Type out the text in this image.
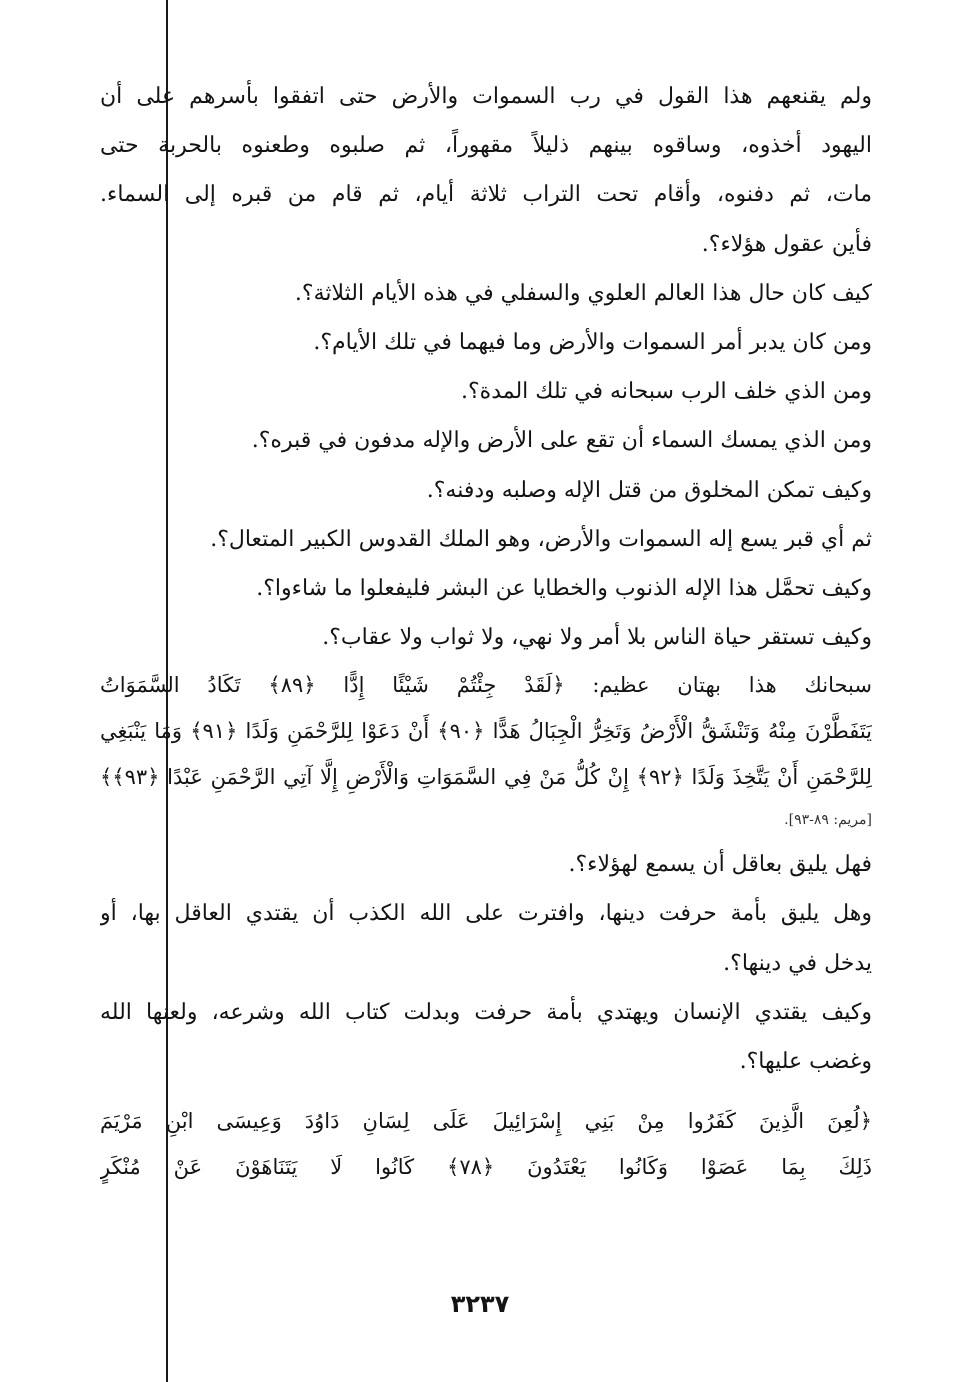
ولم يقنعهم هذا القول في رب السموات والأرض حتى اتفقوا بأسرهم على أن
اليهود أخذوه، وساقوه بينهم ذليلاً مقهوراً، ثم صلبوه وطعنوه بالحربة حتى
مات، ثم دفنوه، وأقام تحت التراب ثلاثة أيام، ثم قام من قبره إلى السماء.
فأين عقول هؤلاء؟.
كيف كان حال هذا العالم العلوي والسفلي في هذه الأيام الثلاثة؟.
ومن كان يدبر أمر السموات والأرض وما فيهما في تلك الأيام؟.
ومن الذي خلف الرب سبحانه في تلك المدة؟.
ومن الذي يمسك السماء أن تقع على الأرض والإله مدفون في قبره؟.
وكيف تمكن المخلوق من قتل الإله وصلبه ودفنه؟.
ثم أي قبر يسع إله السموات والأرض، وهو الملك القدوس الكبير المتعال؟.
وكيف تحمَّل هذا الإله الذنوب والخطايا عن البشر فليفعلوا ما شاءوا؟.
وكيف تستقر حياة الناس بلا أمر ولا نهي، ولا ثواب ولا عقاب؟.
سبحانك هذا بهتان عظيم: ﴿لَقَدْ جِئْتُمْ شَيْئًا إِدًّا ﴿٨٩﴾ تَكَادُ السَّمَوَاتُ
يَتَفَطَّرْنَ مِنْهُ وَتَنْشَقُّ الْأَرْضُ وَتَخِرُّ الْجِبَالُ هَدًّا ﴿٩٠﴾ أَنْ دَعَوْا لِلرَّحْمَنِ وَلَدًا ﴿٩١﴾ وَمَا يَنْبَغِي
لِلرَّحْمَنِ أَنْ يَتَّخِذَ وَلَدًا ﴿٩٢﴾ إِنْ كُلُّ مَنْ فِي السَّمَوَاتِ وَالْأَرْضِ إِلَّا آتِي الرَّحْمَنِ عَبْدًا ﴿٩٣﴾﴾
[مريم: ٨٩-٩٣].
فهل يليق بعاقل أن يسمع لهؤلاء؟.
وهل يليق بأمة حرفت دينها، وافترت على الله الكذب أن يقتدي العاقل بها، أو
يدخل في دينها؟.
وكيف يقتدي الإنسان ويهتدي بأمة حرفت وبدلت كتاب الله وشرعه، ولعنها الله
وغضب عليها؟.
﴿لُعِنَ الَّذِينَ كَفَرُوا مِنْ بَنِي إِسْرَائِيلَ عَلَى لِسَانِ دَاوُدَ وَعِيسَى ابْنِ مَرْيَمَ
ذَلِكَ بِمَا عَصَوْا وَكَانُوا يَعْتَدُونَ ﴿٧٨﴾ كَانُوا لَا يَتَنَاهَوْنَ عَنْ مُنْكَرٍ
٣٢٣٧
